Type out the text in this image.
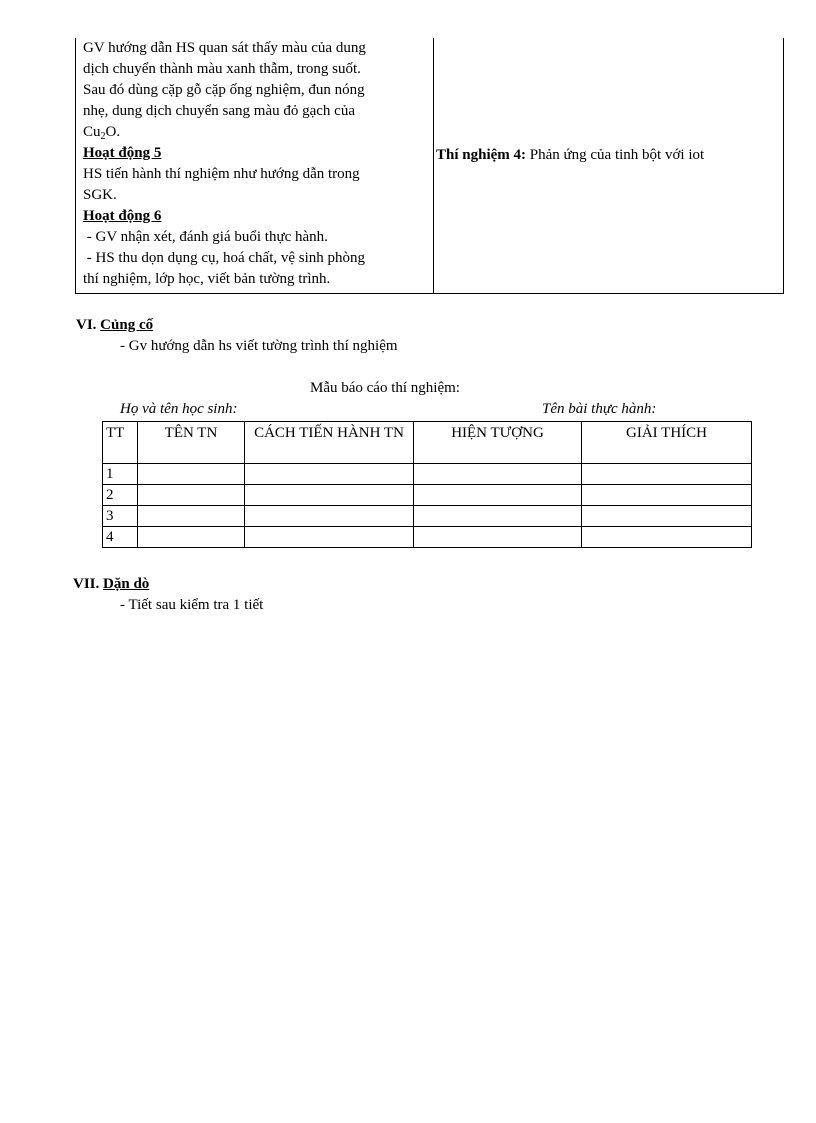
GV hướng dẫn HS quan sát thấy màu của dung
dịch chuyển thành màu xanh thẫm, trong suốt.
Sau đó dùng cặp gỗ cặp ống nghiệm, đun nóng
nhẹ, dung dịch chuyển sang màu đỏ gạch của
$Cu_2O$.
Hoạt động 5
HS tiến hành thí nghiệm như hướng dẫn trong
SGK.
Hoạt động 6
- GV nhận xét, đánh giá buổi thực hành.
- HS thu dọn dụng cụ, hoá chất, vệ sinh phòng
thí nghiệm, lớp học, viết bản tường trình.
Thí nghiệm 4: Phản ứng của tinh bột với iot
VI. Củng cố
- Gv hướng dẫn hs viết tường trình thí nghiệm
Mẫu báo cáo thí nghiệm:
Họ và tên học sinh:	Tên bài thực hành:
TT	TÊN TN	CÁCH TIẾN HÀNH TN	HIỆN TƯỢNG	GIẢI THÍCH
1				
2				
3				
4				
VII. Dặn dò
- Tiết sau kiểm tra 1 tiết
